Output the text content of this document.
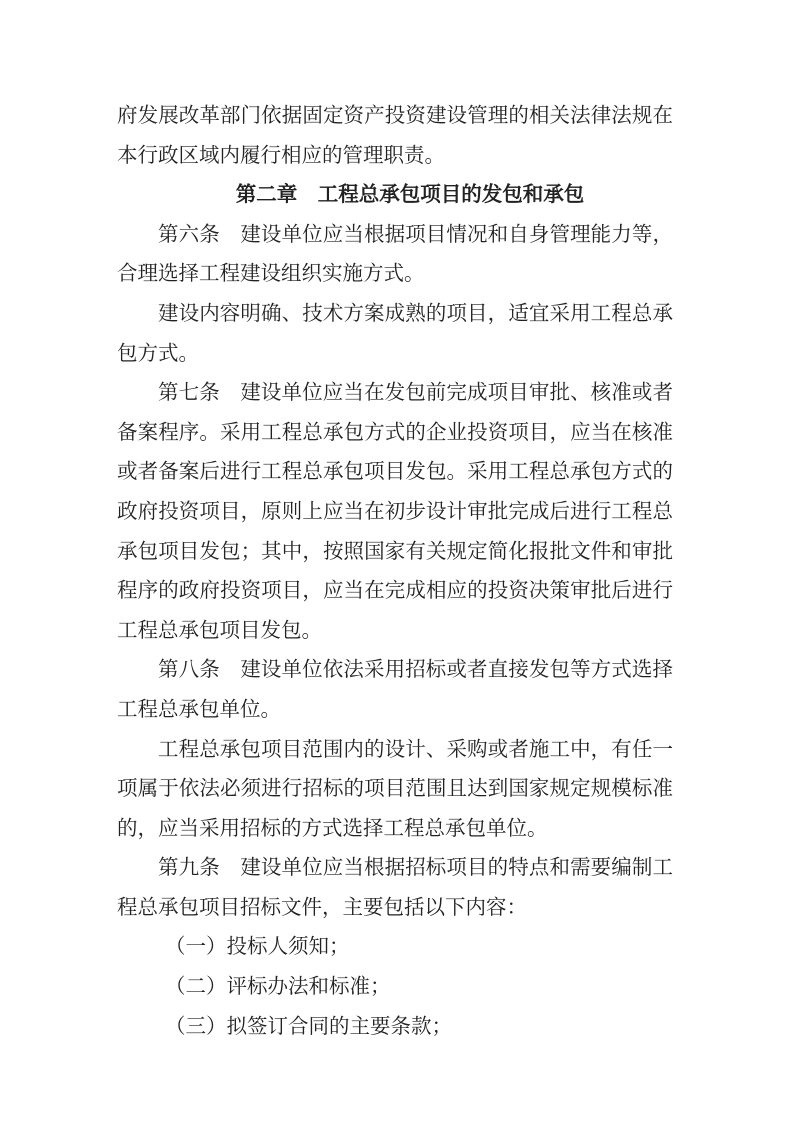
府发展改革部门依据固定资产投资建设管理的相关法律法规在本行政区域内履行相应的管理职责。

第二章　工程总承包项目的发包和承包

第六条 建设单位应当根据项目情况和自身管理能力等，合理选择工程建设组织实施方式。

建设内容明确、技术方案成熟的项目，适宜采用工程总承包方式。

第七条 建设单位应当在发包前完成项目审批、核准或者备案程序。采用工程总承包方式的企业投资项目，应当在核准或者备案后进行工程总承包项目发包。采用工程总承包方式的政府投资项目，原则上应当在初步设计审批完成后进行工程总承包项目发包；其中，按照国家有关规定简化报批文件和审批程序的政府投资项目，应当在完成相应的投资决策审批后进行工程总承包项目发包。

第八条 建设单位依法采用招标或者直接发包等方式选择工程总承包单位。

工程总承包项目范围内的设计、采购或者施工中，有任一项属于依法必须进行招标的项目范围且达到国家规定规模标准的，应当采用招标的方式选择工程总承包单位。

第九条 建设单位应当根据招标项目的特点和需要编制工程总承包项目招标文件，主要包括以下内容：

（一）投标人须知；

（二）评标办法和标准；

（三）拟签订合同的主要条款；
